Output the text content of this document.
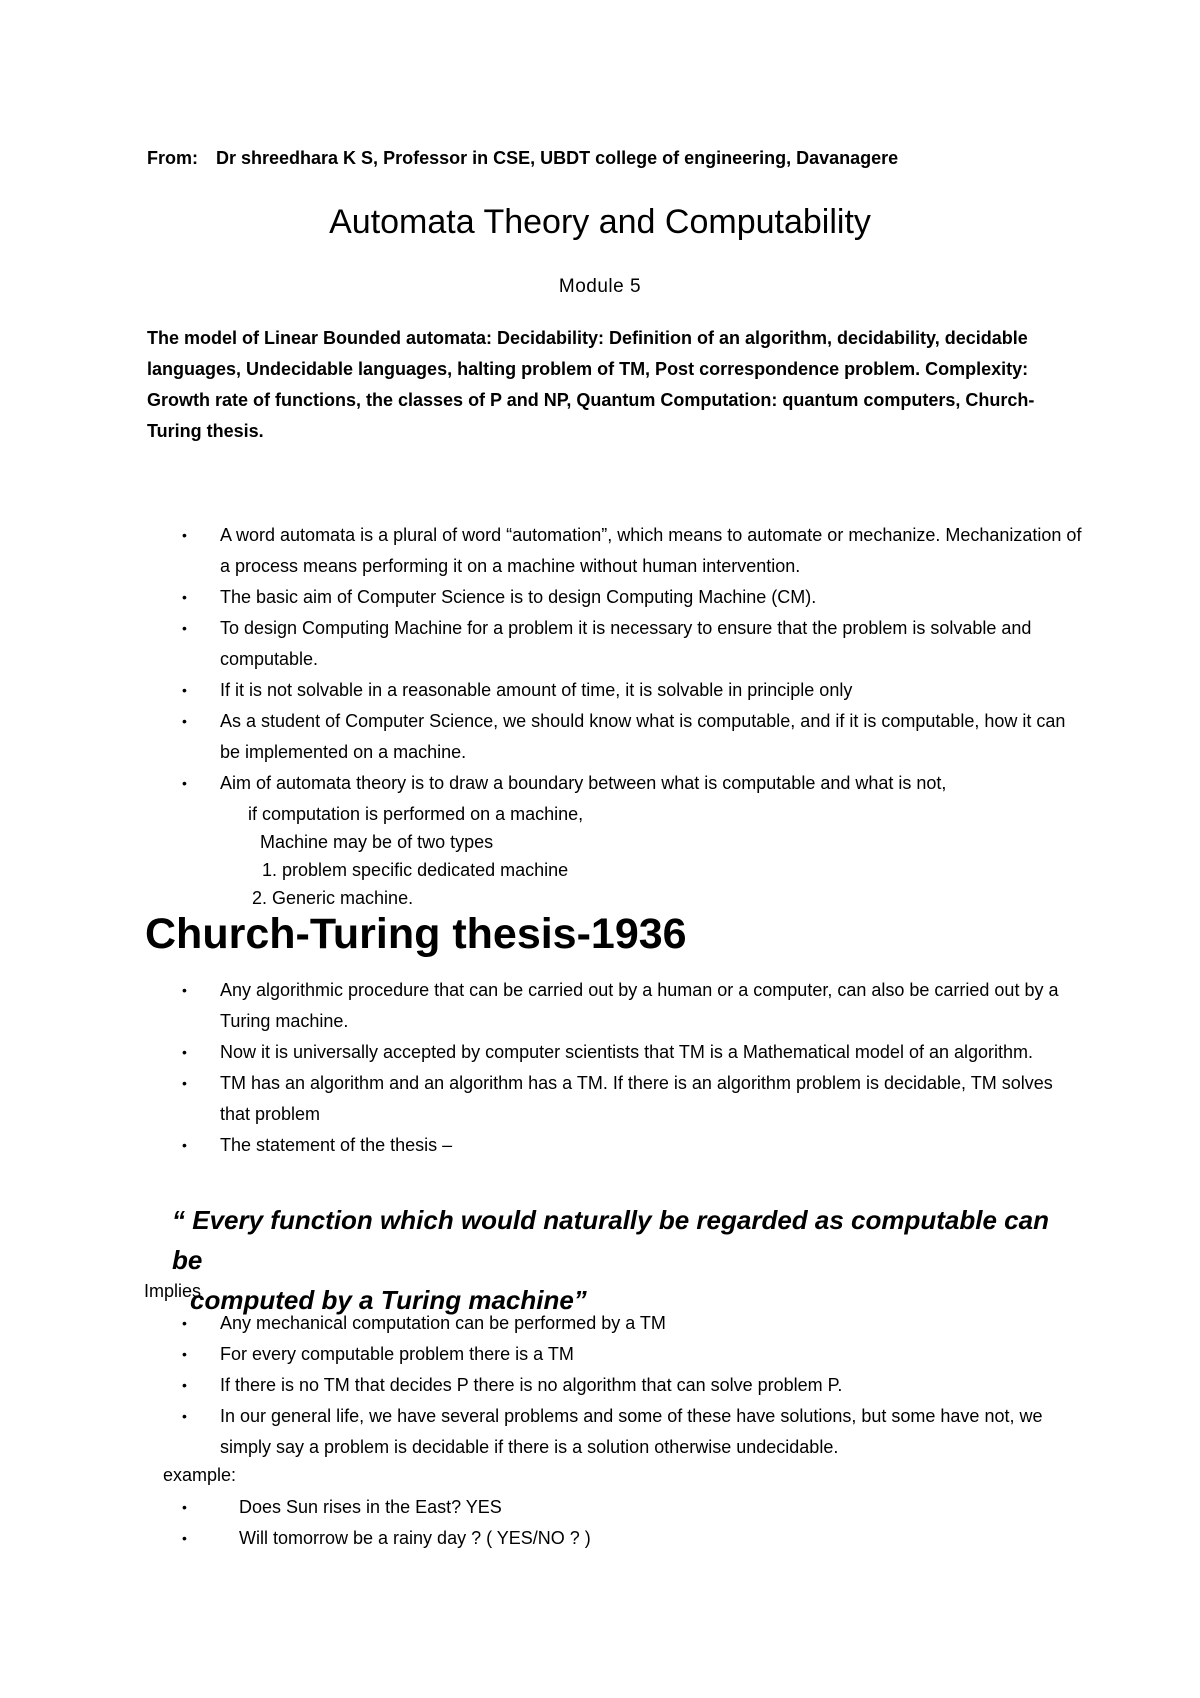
From: Dr shreedhara K S, Professor in CSE, UBDT college of engineering, Davanagere
Automata Theory and Computability
Module 5
The model of Linear Bounded automata: Decidability: Definition of an algorithm, decidability, decidable languages, Undecidable languages, halting problem of TM, Post correspondence problem. Complexity: Growth rate of functions, the classes of P and NP, Quantum Computation: quantum computers, Church-Turing thesis.
• A word automata is a plural of word “automation”, which means to automate or mechanize. Mechanization of a process means performing it on a machine without human intervention.
• The basic aim of Computer Science is to design Computing Machine (CM).
• To design Computing Machine for a problem it is necessary to ensure that the problem is solvable and computable.
• If it is not solvable in a reasonable amount of time, it is solvable in principle only
• As a student of Computer Science, we should know what is computable, and if it is computable, how it can be implemented on a machine.
• Aim of automata theory is to draw a boundary between what is computable and what is not,
if computation is performed on a machine,
Machine may be of two types
1. problem specific dedicated machine
2. Generic machine.
Church-Turing thesis-1936
• Any algorithmic procedure that can be carried out by a human or a computer, can also be carried out by a Turing machine.
• Now it is universally accepted by computer scientists that TM is a Mathematical model of an algorithm.
• TM has an algorithm and an algorithm has a TM. If there is an algorithm problem is decidable, TM solves that problem
• The statement of the thesis –
“ Every function which would naturally be regarded as computable can be
computed by a Turing machine”
Implies
• Any mechanical computation can be performed by a TM
• For every computable problem there is a TM
• If there is no TM that decides P there is no algorithm that can solve problem P.
• In our general life, we have several problems and some of these have solutions, but some have not, we simply say a problem is decidable if there is a solution otherwise undecidable.
example:
•	Does Sun rises in the East? YES
•	Will tomorrow be a rainy day ? ( YES/NO ? )
